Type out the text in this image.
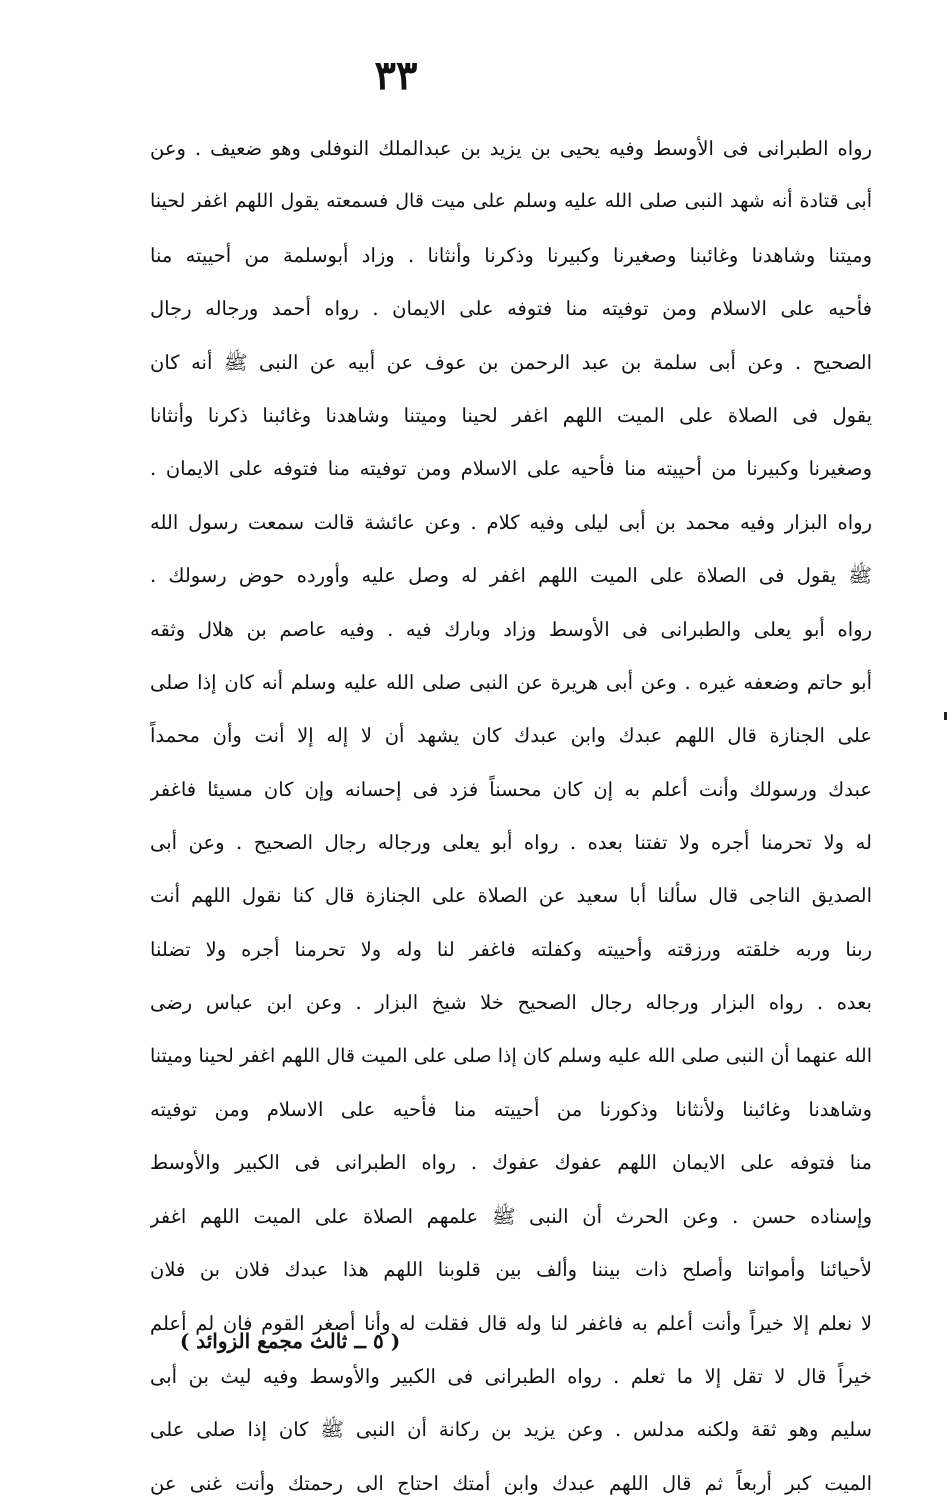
٣٣
رواه الطبرانى فى الأوسط وفيه يحيى بن يزيد بن عبدالملك النوفلى وهو ضعيف . وعن
أبى قتادة أنه شهد النبى صلى الله عليه وسلم على ميت قال فسمعته يقول اللهم اغفر لحينا
وميتنا وشاهدنا وغائبنا وصغيرنا وكبيرنا وذكرنا وأنثانا . وزاد أبوسلمة من أحييته منا
فأحيه على الاسلام ومن توفيته منا فتوفه على الايمان . رواه أحمد ورجاله رجال
الصحيح . وعن أبى سلمة بن عبد الرحمن بن عوف عن أبيه عن النبى ﷺ أنه كان
يقول فى الصلاة على الميت اللهم اغفر لحينا وميتنا وشاهدنا وغائبنا ذكرنا وأنثانا
وصغيرنا وكبيرنا من أحييته منا فأحيه على الاسلام ومن توفيته منا فتوفه على الايمان .
رواه البزار وفيه محمد بن أبى ليلى وفيه كلام . وعن عائشة قالت سمعت رسول الله
ﷺ يقول فى الصلاة على الميت اللهم اغفر له وصل عليه وأورده حوض رسولك .
رواه أبو يعلى والطبرانى فى الأوسط وزاد وبارك فيه . وفيه عاصم بن هلال وثقه
أبو حاتم وضعفه غيره . وعن أبى هريرة عن النبى صلى الله عليه وسلم أنه كان إذا صلى
على الجنازة قال اللهم عبدك وابن عبدك كان يشهد أن لا إله إلا أنت وأن محمداً
عبدك ورسولك وأنت أعلم به إن كان محسناً فزد فى إحسانه وإن كان مسيئا فاغفر
له ولا تحرمنا أجره ولا تفتنا بعده . رواه أبو يعلى ورجاله رجال الصحيح . وعن أبى
الصديق الناجى قال سألنا أبا سعيد عن الصلاة على الجنازة قال كنا نقول اللهم أنت
ربنا وربه خلقته ورزقته وأحييته وكفلته فاغفر لنا وله ولا تحرمنا أجره ولا تضلنا
بعده . رواه البزار ورجاله رجال الصحيح خلا شيخ البزار . وعن ابن عباس رضى
الله عنهما أن النبى صلى الله عليه وسلم كان إذا صلى على الميت قال اللهم اغفر لحينا وميتنا
وشاهدنا وغائبنا ولأنثانا وذكورنا من أحييته منا فأحيه على الاسلام ومن توفيته
منا فتوفه على الايمان اللهم عفوك عفوك . رواه الطبرانى فى الكبير والأوسط
وإسناده حسن . وعن الحرث أن النبى ﷺ علمهم الصلاة على الميت اللهم اغفر
لأحيائنا وأمواتنا وأصلح ذات بيننا وألف بين قلوبنا اللهم هذا عبدك فلان بن فلان
لا نعلم إلا خيراً وأنت أعلم به فاغفر لنا وله قال فقلت له وأنا أصغر القوم فان لم أعلم
خيراً قال لا تقل إلا ما تعلم . رواه الطبرانى فى الكبير والأوسط وفيه ليث بن أبى
سليم وهو ثقة ولكنه مدلس . وعن يزيد بن ركانة أن النبى ﷺ كان إذا صلى على
الميت كبر أربعاً ثم قال اللهم عبدك وابن أمتك احتاج الى رحمتك وأنت غنى عن
( ٥ ــ ثالث مجمع الزوائد )
